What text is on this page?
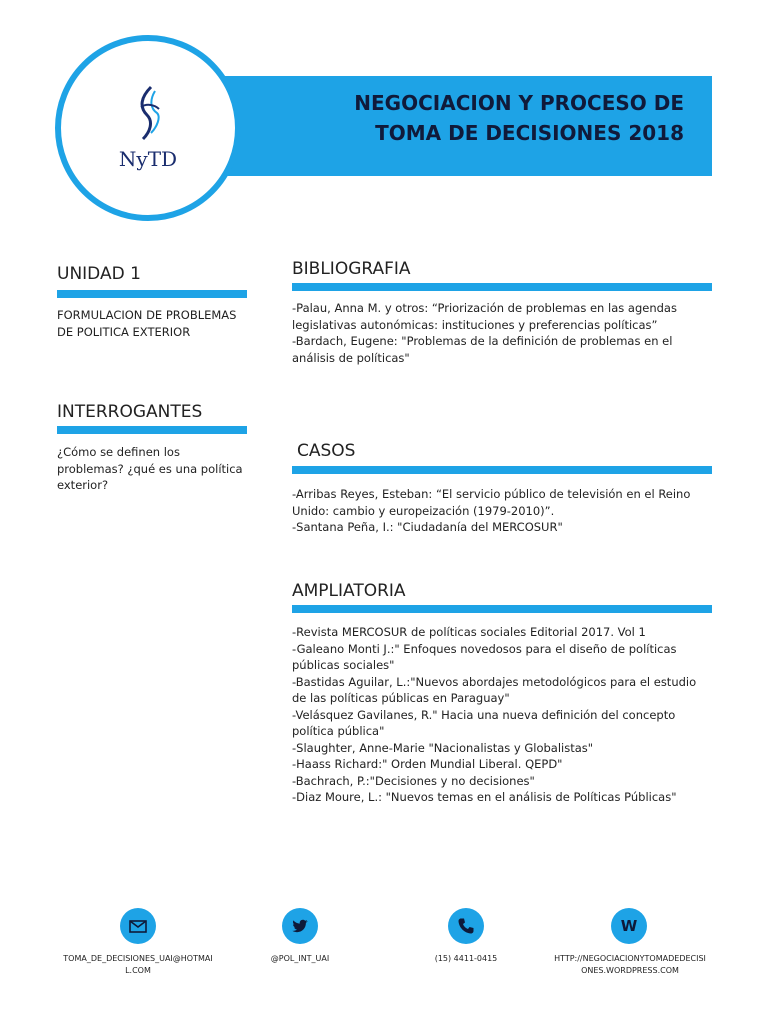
NEGOCIACION Y PROCESO DE
TOMA DE DECISIONES 2018
NyTD
UNIDAD 1
FORMULACION DE PROBLEMAS DE POLITICA EXTERIOR
INTERROGANTES
¿Cómo se definen los problemas? ¿qué es una política exterior?
BIBLIOGRAFIA
-Palau, Anna M. y otros: “Priorización de problemas en las agendas legislativas autonómicas: instituciones y preferencias políticas”
-Bardach, Eugene: "Problemas de la definición de problemas en el análisis de políticas"
CASOS
-Arribas Reyes, Esteban: “El servicio público de televisión en el Reino Unido: cambio y europeización (1979-2010)”.
-Santana Peña, I.: "Ciudadanía del MERCOSUR"
AMPLIATORIA
-Revista MERCOSUR de políticas sociales Editorial 2017. Vol 1
-Galeano Monti J.:" Enfoques novedosos para el diseño de políticas públicas sociales"
-Bastidas Aguilar, L.:"Nuevos abordajes metodológicos para el estudio de las políticas públicas en Paraguay"
-Velásquez Gavilanes, R." Hacia una nueva definición del concepto política pública"
-Slaughter, Anne-Marie "Nacionalistas y Globalistas"
-Haass Richard:" Orden Mundial Liberal. QEPD"
-Bachrach, P.:"Decisiones y no decisiones"
-Diaz Moure, L.: "Nuevos temas en el análisis de Políticas Públicas"
TOMA_DE_DECISIONES_UAI@HOTMAIL.COM
@POL_INT_UAI	(15) 4411-0415
W
HTTP://NEGOCIACIONYTOMADEDECISIONES.WORDPRESS.COM
